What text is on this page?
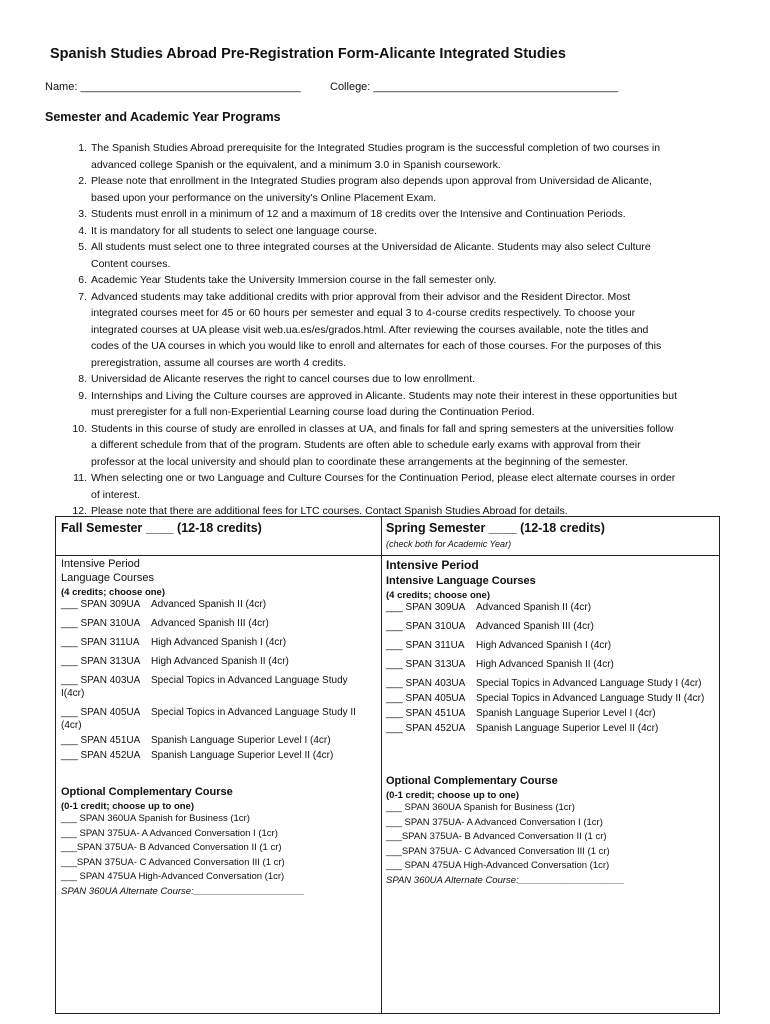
Spanish Studies Abroad Pre-Registration Form-Alicante Integrated Studies
Name: ____________________________________	College: ________________________________________
Semester and Academic Year Programs
1. The Spanish Studies Abroad prerequisite for the Integrated Studies program is the successful completion of two courses in
advanced college Spanish or the equivalent, and a minimum 3.0 in Spanish coursework.
2. Please note that enrollment in the Integrated Studies program also depends upon approval from Universidad de Alicante,
based upon your performance on the university's Online Placement Exam.
3. Students must enroll in a minimum of 12 and a maximum of 18 credits over the Intensive and Continuation Periods.
4. It is mandatory for all students to select one language course.
5. All students must select one to three integrated courses at the Universidad de Alicante. Students may also select Culture
Content courses.
6. Academic Year Students take the University Immersion course in the fall semester only.
7. Advanced students may take additional credits with prior approval from their advisor and the Resident Director. Most
integrated courses meet for 45 or 60 hours per semester and equal 3 to 4-course credits respectively. To choose your
integrated courses at UA please visit web.ua.es/es/grados.html. After reviewing the courses available, note the titles and
codes of the UA courses in which you would like to enroll and alternates for each of those courses. For the purposes of this
preregistration, assume all courses are worth 4 credits.
8. Universidad de Alicante reserves the right to cancel courses due to low enrollment.
9. Internships and Living the Culture courses are approved in Alicante. Students may note their interest in these opportunities but
must preregister for a full non-Experiential Learning course load during the Continuation Period.
10. Students in this course of study are enrolled in classes at UA, and finals for fall and spring semesters at the universities follow
a different schedule from that of the program. Students are often able to schedule early exams with approval from their
professor at the local university and should plan to coordinate these arrangements at the beginning of the semester.
11. When selecting one or two Language and Culture Courses for the Continuation Period, please elect alternate courses in order
of interest.
12. Please note that there are additional fees for LTC courses. Contact Spanish Studies Abroad for details.
Fall Semester ____ (12-18 credits)
Intensive Period
Language Courses
(4 credits; choose one)
___ SPAN 309UA	Advanced Spanish II (4cr)
___ SPAN 310UA	Advanced Spanish III (4cr)
___ SPAN 311UA	High Advanced Spanish I (4cr)
___ SPAN 313UA	High Advanced Spanish II (4cr)
___ SPAN 403UA	Special Topics in Advanced Language Study
I(4cr)
___ SPAN 405UA	Special Topics in Advanced Language Study II
(4cr)
___ SPAN 451UA	Spanish Language Superior Level I (4cr)
___ SPAN 452UA	Spanish Language Superior Level II (4cr)
Optional Complementary Course
(0-1 credit; choose up to one)
___ SPAN 360UA Spanish for Business (1cr)
___ SPAN 375UA- A Advanced Conversation I (1cr)
___SPAN 375UA- B Advanced Conversation II (1 cr)
___SPAN 375UA- C Advanced Conversation III (1 cr)
___ SPAN 475UA High-Advanced Conversation (1cr)
SPAN 360UA Alternate Course:_____________________
Spring Semester ____ (12-18 credits)
(check both for Academic Year)
Intensive Period
Intensive Language Courses
(4 credits; choose one)
___ SPAN 309UA	Advanced Spanish II (4cr)
___ SPAN 310UA	Advanced Spanish III (4cr)
___ SPAN 311UA	High Advanced Spanish I (4cr)
___ SPAN 313UA	High Advanced Spanish II (4cr)
___ SPAN 403UA	Special Topics in Advanced Language Study I (4cr)
___ SPAN 405UA	Special Topics in Advanced Language Study II (4cr)
___ SPAN 451UA	Spanish Language Superior Level I (4cr)
___ SPAN 452UA	Spanish Language Superior Level II (4cr)
Optional Complementary Course
(0-1 credit; choose up to one)
___ SPAN 360UA Spanish for Business (1cr)
___ SPAN 375UA- A Advanced Conversation I (1cr)
___SPAN 375UA- B Advanced Conversation II (1 cr)
___SPAN 375UA- C Advanced Conversation III (1 cr)
___ SPAN 475UA High-Advanced Conversation (1cr)
SPAN 360UA Alternate Course:____________________
